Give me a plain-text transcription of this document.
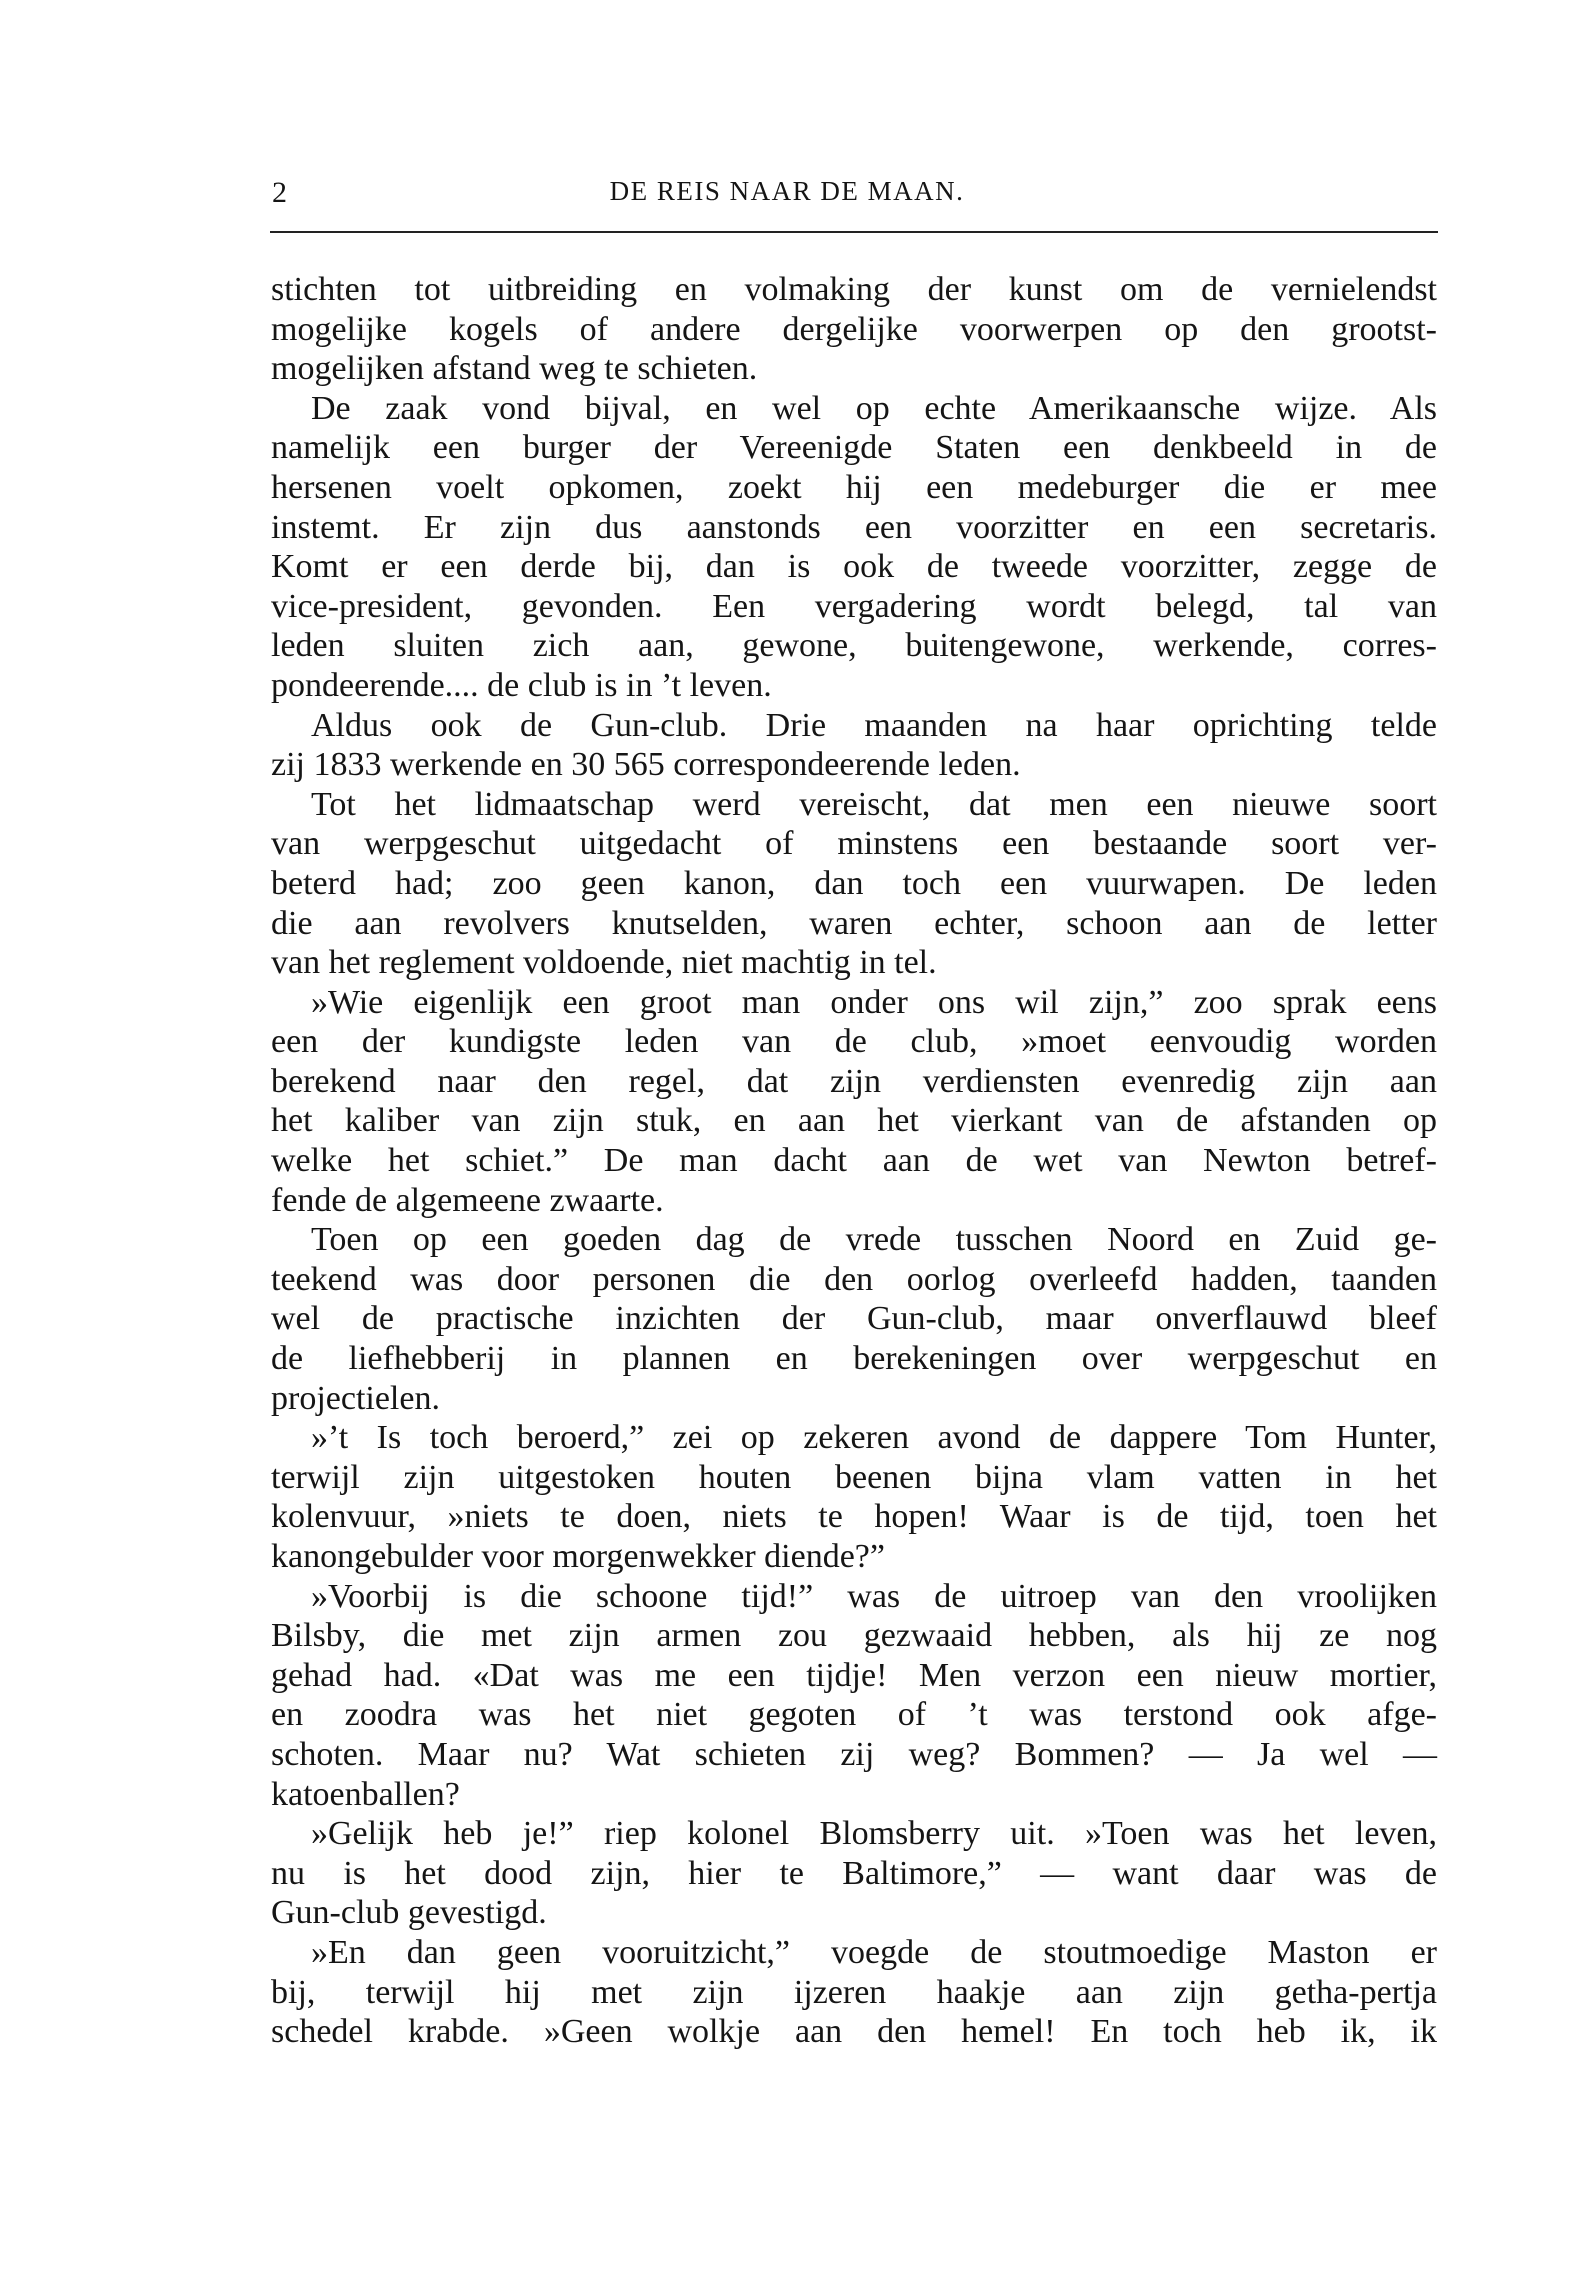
2	DE REIS NAAR DE MAAN.
stichten tot uitbreiding en volmaking der kunst om de vernielendst
mogelijke kogels of andere dergelijke voorwerpen op den grootst-
mogelijken afstand weg te schieten.
De zaak vond bijval, en wel op echte Amerikaansche wijze. Als
namelijk een burger der Vereenigde Staten een denkbeeld in de
hersenen voelt opkomen, zoekt hij een medeburger die er mee
instemt. Er zijn dus aanstonds een voorzitter en een secretaris.
Komt er een derde bij, dan is ook de tweede voorzitter, zegge de
vice-president, gevonden. Een vergadering wordt belegd, tal van
leden sluiten zich aan, gewone, buitengewone, werkende, corres-
pondeerende.... de club is in ’t leven.
Aldus ook de Gun-club. Drie maanden na haar oprichting telde
zij 1833 werkende en 30 565 correspondeerende leden.
Tot het lidmaatschap werd vereischt, dat men een nieuwe soort
van werpgeschut uitgedacht of minstens een bestaande soort ver-
beterd had; zoo geen kanon, dan toch een vuurwapen. De leden
die aan revolvers knutselden, waren echter, schoon aan de letter
van het reglement voldoende, niet machtig in tel.
»Wie eigenlijk een groot man onder ons wil zijn,” zoo sprak eens
een der kundigste leden van de club, »moet eenvoudig worden
berekend naar den regel, dat zijn verdiensten evenredig zijn aan
het kaliber van zijn stuk, en aan het vierkant van de afstanden op
welke het schiet.” De man dacht aan de wet van Newton betref-
fende de algemeene zwaarte.
Toen op een goeden dag de vrede tusschen Noord en Zuid ge-
teekend was door personen die den oorlog overleefd hadden, taanden
wel de practische inzichten der Gun-club, maar onverflauwd bleef
de liefhebberij in plannen en berekeningen over werpgeschut en
projectielen.
»’t Is toch beroerd,” zei op zekeren avond de dappere Tom Hunter,
terwijl zijn uitgestoken houten beenen bijna vlam vatten in het
kolenvuur, »niets te doen, niets te hopen! Waar is de tijd, toen het
kanongebulder voor morgenwekker diende?”
»Voorbij is die schoone tijd!” was de uitroep van den vroolijken
Bilsby, die met zijn armen zou gezwaaid hebben, als hij ze nog
gehad had. «Dat was me een tijdje! Men verzon een nieuw mortier,
en zoodra was het niet gegoten of ’t was terstond ook afge-
schoten. Maar nu? Wat schieten zij weg? Bommen? — Ja wel —
katoenballen?
»Gelijk heb je!” riep kolonel Blomsberry uit. »Toen was het leven,
nu is het dood zijn, hier te Baltimore,” — want daar was de
Gun-club gevestigd.
»En dan geen vooruitzicht,” voegde de stoutmoedige Maston er
bij, terwijl hij met zijn ijzeren haakje aan zijn getha-pertja
schedel krabde. »Geen wolkje aan den hemel! En toch heb ik, ik
